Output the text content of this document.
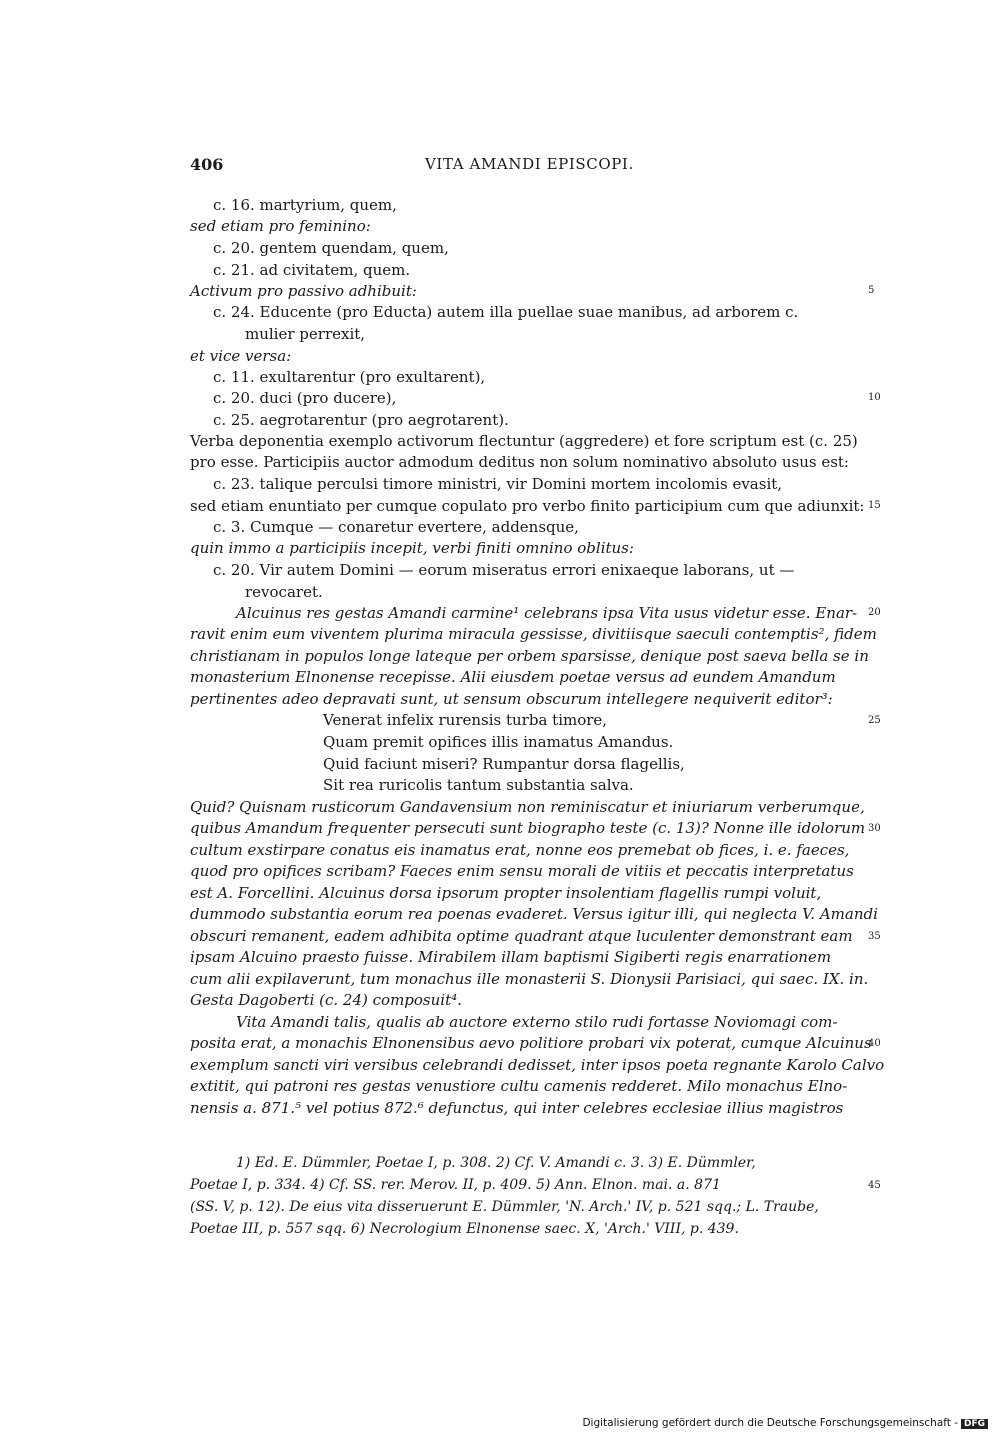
406	VITA AMANDI EPISCOPI.
c. 16. martyrium, quem,
sed etiam pro feminino:
c. 20. gentem quendam, quem,
c. 21. ad civitatem, quem.
Activum pro passivo adhibuit:
c. 24. Educente (pro Educta) autem illa puellae suae manibus, ad arborem c.
mulier perrexit,
et vice versa:
c. 11. exultarentur (pro exultarent),
c. 20. duci (pro ducere),
c. 25. aegrotarentur (pro aegrotarent).
Verba deponentia exemplo activorum flectuntur (aggredere) et fore scriptum est (c. 25)
pro esse. Participiis auctor admodum deditus non solum nominativo absoluto usus est:
c. 23. talique perculsi timore ministri, vir Domini mortem incolomis evasit,
sed etiam enuntiato per cumque copulato pro verbo finito participium cum que adiunxit:
c. 3. Cumque — conaretur evertere, addensque,
quin immo a participiis incepit, verbi finiti omnino oblitus:
c. 20. Vir autem Domini — eorum miseratus errori enixaeque laborans, ut —
revocaret.
Alcuinus res gestas Amandi carmine¹ celebrans ipsa Vita usus videtur esse. Enar-
ravit enim eum viventem plurima miracula gessisse, divitiisque saeculi contemptis², fidem
christianam in populos longe lateque per orbem sparsisse, denique post saeva bella se in
monasterium Elnonense recepisse. Alii eiusdem poetae versus ad eundem Amandum
pertinentes adeo depravati sunt, ut sensum obscurum intellegere nequiverit editor³:
Venerat infelix rurensis turba timore,
Quam premit opifices illis inamatus Amandus.
Quid faciunt miseri? Rumpantur dorsa flagellis,
Sit rea ruricolis tantum substantia salva.
Quid? Quisnam rusticorum Gandavensium non reminiscatur et iniuriarum verberumque,
quibus Amandum frequenter persecuti sunt biographo teste (c. 13)? Nonne ille idolorum
cultum exstirpare conatus eis inamatus erat, nonne eos premebat ob fices, i. e. faeces,
quod pro opifices scribam? Faeces enim sensu morali de vitiis et peccatis interpretatus
est A. Forcellini. Alcuinus dorsa ipsorum propter insolentiam flagellis rumpi voluit,
dummodo substantia eorum rea poenas evaderet. Versus igitur illi, qui neglecta V. Amandi
obscuri remanent, eadem adhibita optime quadrant atque luculenter demonstrant eam
ipsam Alcuino praesto fuisse. Mirabilem illam baptismi Sigiberti regis enarrationem
cum alii expilaverunt, tum monachus ille monasterii S. Dionysii Parisiaci, qui saec. IX. in.
Gesta Dagoberti (c. 24) composuit⁴.
Vita Amandi talis, qualis ab auctore externo stilo rudi fortasse Noviomagi com-
posita erat, a monachis Elnonensibus aevo politiore probari vix poterat, cumque Alcuinus
exemplum sancti viri versibus celebrandi dedisset, inter ipsos poeta regnante Karolo Calvo
extitit, qui patroni res gestas venustiore cultu camenis redderet. Milo monachus Elno-
nensis a. 871.⁵ vel potius 872.⁶ defunctus, qui inter celebres ecclesiae illius magistros
1) Ed. E. Dümmler, Poetae I, p. 308. 2) Cf. V. Amandi c. 3. 3) E. Dümmler,
Poetae I, p. 334. 4) Cf. SS. rer. Merov. II, p. 409. 5) Ann. Elnon. mai. a. 871
(SS. V, p. 12). De eius vita disseruerunt E. Dümmler, 'N. Arch.' IV, p. 521 sqq.; L. Traube,
Poetae III, p. 557 sqq. 6) Necrologium Elnonense saec. X, 'Arch.' VIII, p. 439.
5
10
15
20
25
30
35
40
45
Digitalisierung gefördert durch die Deutsche Forschungsgemeinschaft - DFG
